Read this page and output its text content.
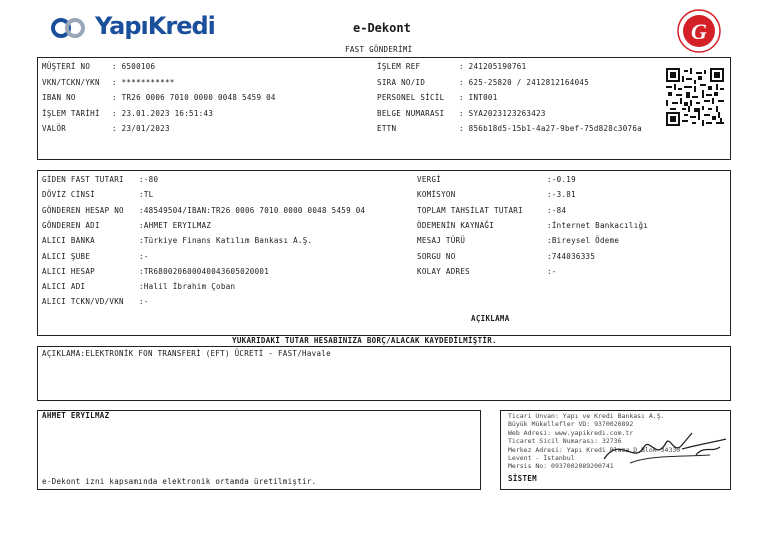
YapıKredi	e-Dekont
FAST GÖNDERİMİ
G
MÜŞTERİ NO	: 6500106
VKN/TCKN/YKN : ***********
IBAN NO	: TR26 0006 7010 0000 0048 5459 04
İŞLEM TARİHİ : 23.01.2023 16:51:43
VALÖR	: 23/01/2023
İŞLEM REF	: 241205190761
SIRA NO/ID	: 625-25820 / 2412812164045
PERSONEL SİCİL : INT001
BELGE NUMARASI : SYA2023123263423
ETTN	: 856b18d5-15b1-4a27-9bef-75d828c3076a
GİDEN FAST TUTARI :-80
DÖVİZ CİNSİ	:TL
GÖNDEREN HESAP NO :48549504/IBAN:TR26 0006 7010 0000 0048 5459 04
GÖNDEREN ADI	:AHMET ERYILMAZ
ALICI BANKA	:Türkiye Finans Katılım Bankası A.Ş.
ALICI ŞUBE	:-
ALICI HESAP	:TR680020600040043605020001
ALICI ADI	:Halil İbrahim Çoban
ALICI TCKN/VD/VKN :-
VERGİ	:-0.19
KOMİSYON	:-3.81
TOPLAM TAHSİLAT TUTARI	:-84
ÖDEMENİN KAYNAĞI	:İnternet Bankacılığı
MESAJ TÜRÜ	:Bireysel Ödeme
SORGU NO	:744036335
KOLAY ADRES	:-
AÇIKLAMA
YUKARIDAKİ TUTAR HESABINIZA BORÇ/ALACAK KAYDEDİLMİŞTİR.
AÇIKLAMA:ELEKTRONİK FON TRANSFERİ (EFT) ÜCRETİ - FAST/Havale
AHMET ERYILMAZ
e-Dekont izni kapsamında elektronik ortamda üretilmiştir.
Ticari Unvan: Yapı ve Kredi Bankası A.Ş.
Büyük Mükellefler VD: 9370020892
Web Adresi: www.yapikredi.com.tr
Ticaret Sicil Numarası: 32736
Merkez Adresi: Yapı Kredi Plaza D Blok 34330
Levent - İstanbul
Mersis No: 0937002089200741
SİSTEM
